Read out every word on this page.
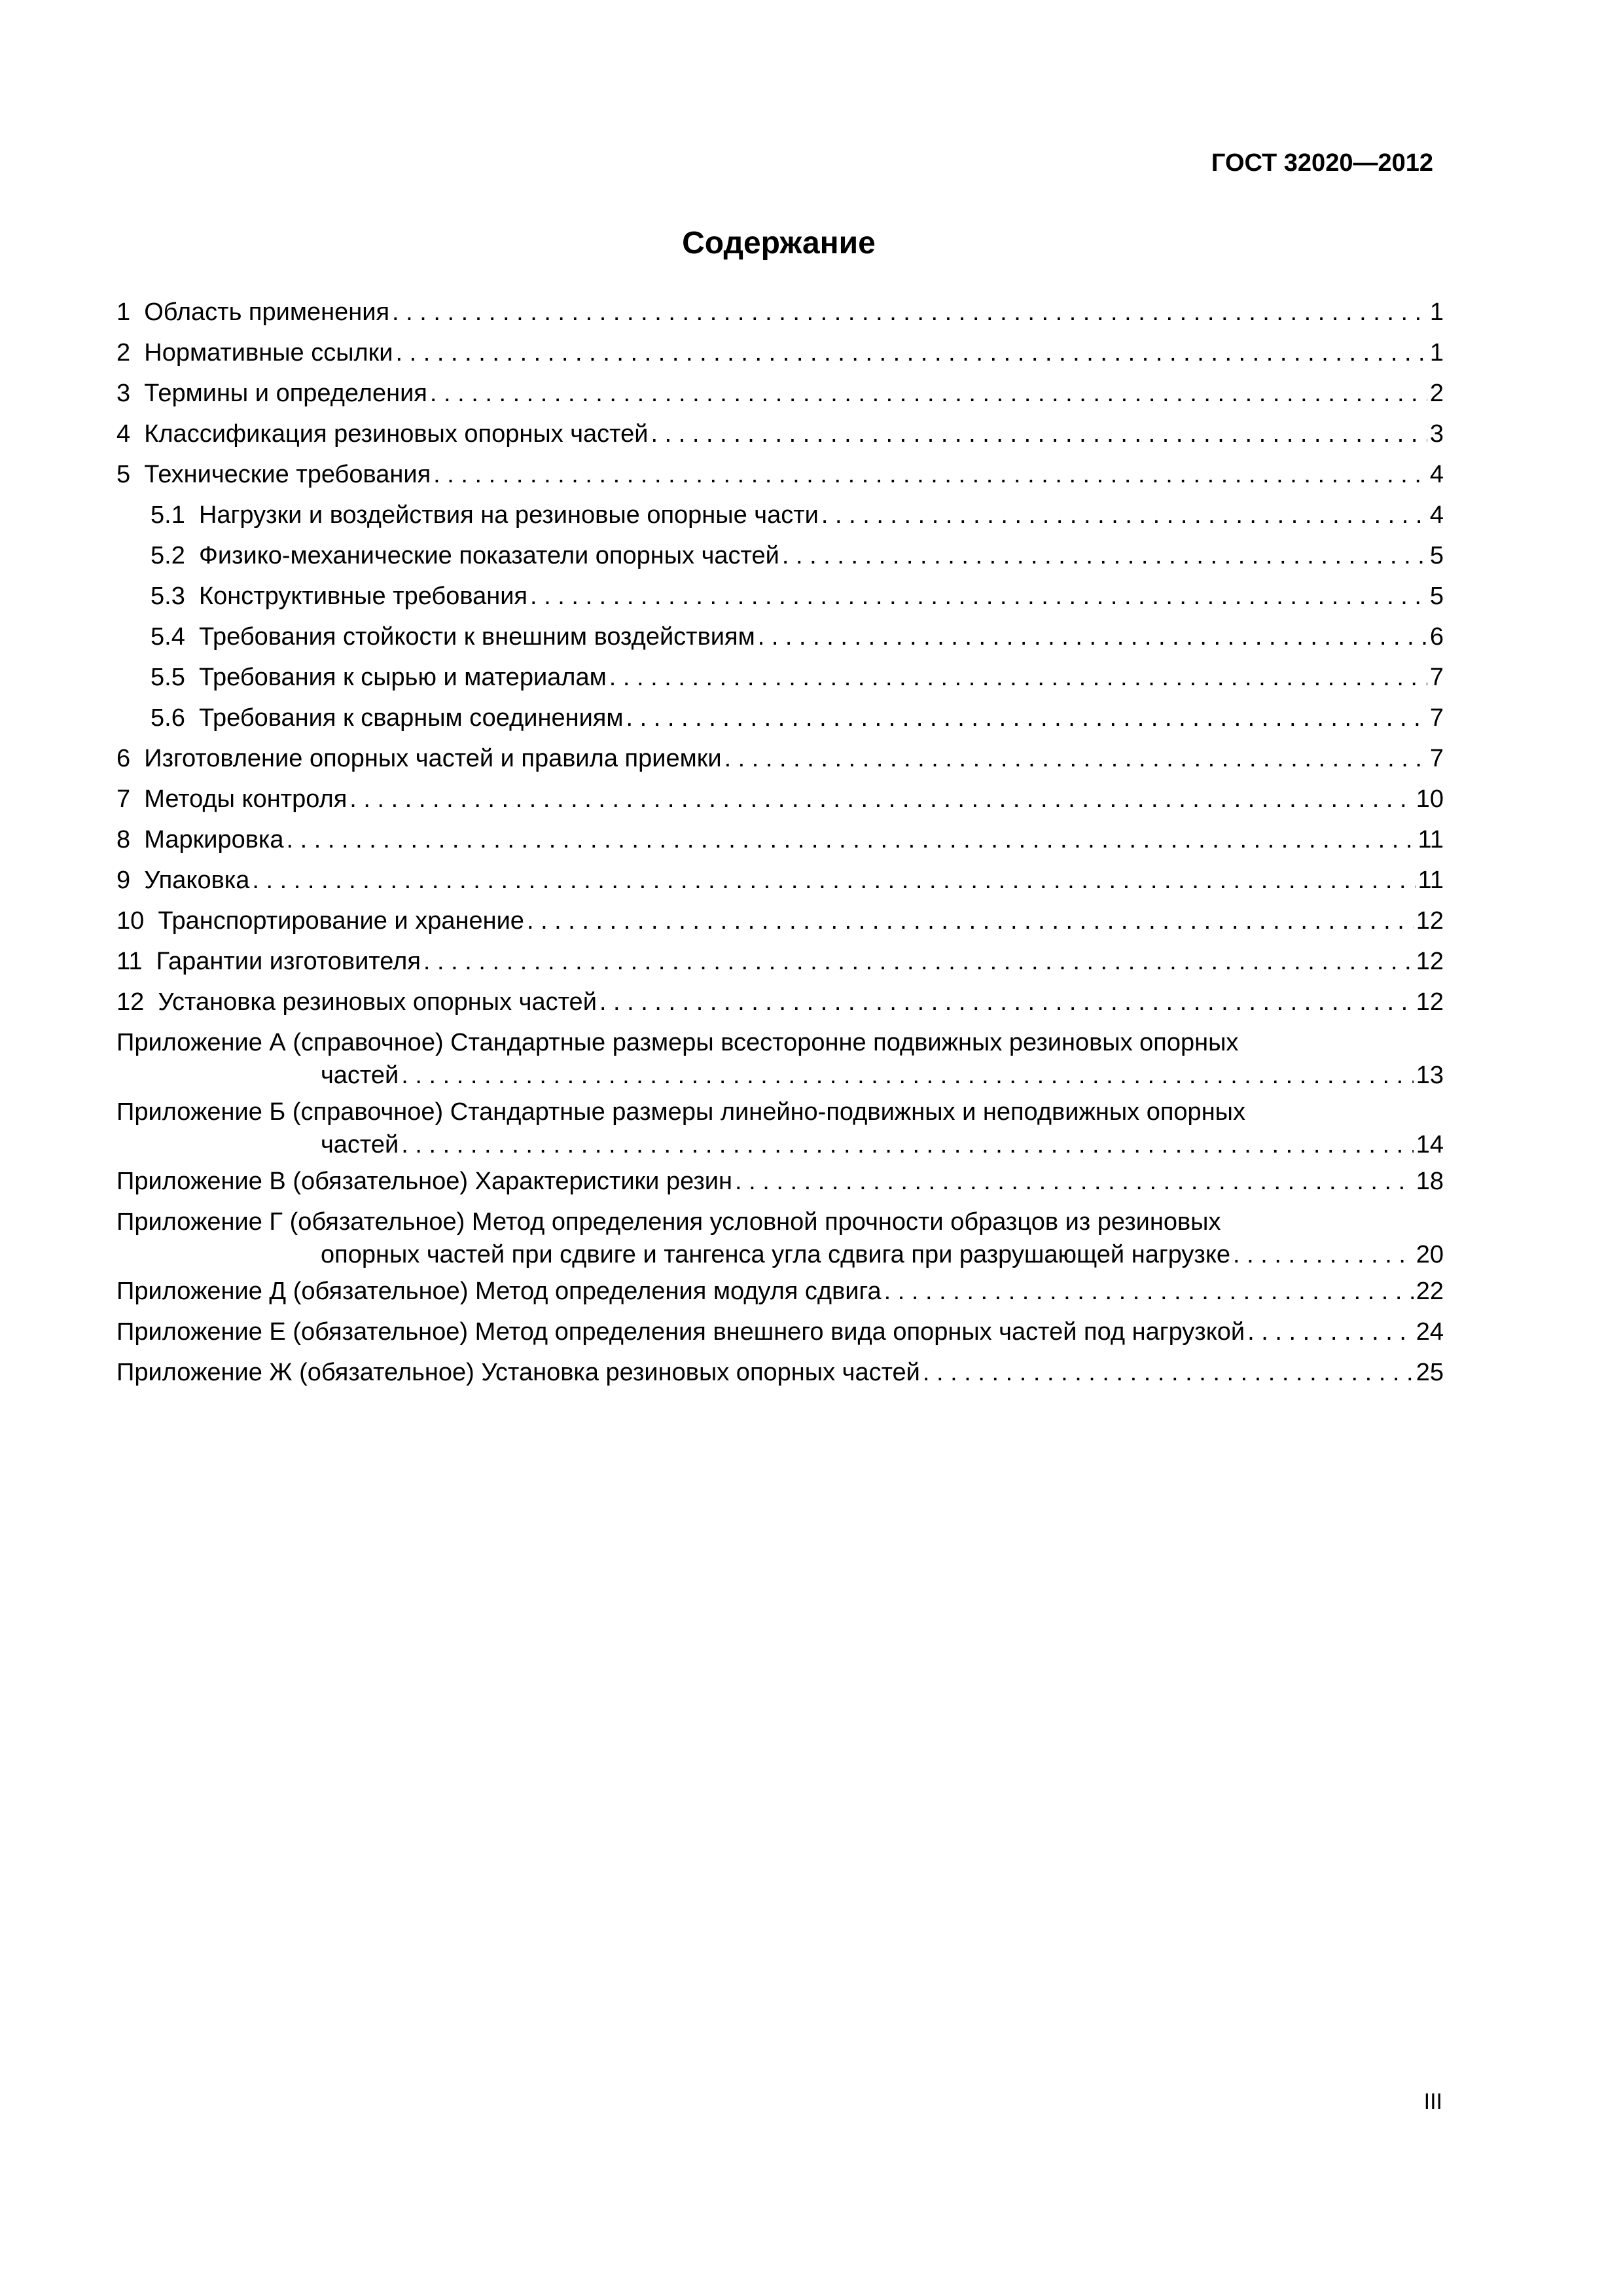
ГОСТ 32020—2012
Содержание
1 Область применения . . .	1
2 Нормативные ссылки . . .	1
3 Термины и определения . . .	2
4 Классификация резиновых опорных частей . . .	3
5 Технические требования . . .	4
5.1 Нагрузки и воздействия на резиновые опорные части . . .	4
5.2 Физико-механические показатели опорных частей . . .	5
5.3 Конструктивные требования . . .	5
5.4 Требования стойкости к внешним воздействиям . . .	6
5.5 Требования к сырью и материалам . . .	7
5.6 Требования к сварным соединениям . . .	7
6 Изготовление опорных частей и правила приемки . . .	7
7 Методы контроля . . .	10
8 Маркировка . . .	11
9 Упаковка . . .	11
10 Транспортирование и хранение . . .	12
11 Гарантии изготовителя . . .	12
12 Установка резиновых опорных частей . . .	12
Приложение А (справочное) Стандартные размеры всесторонне подвижных резиновых опорных
частей . . .	13
Приложение Б (справочное) Стандартные размеры линейно-подвижных и неподвижных опорных
частей . . .	14
Приложение В (обязательное) Характеристики резин . . .	18
Приложение Г (обязательное) Метод определения условной прочности образцов из резиновых
опорных частей при сдвиге и тангенса угла сдвига при разрушающей нагрузке . . .	20
Приложение Д (обязательное) Метод определения модуля сдвига . . .	22
Приложение Е (обязательное) Метод определения внешнего вида опорных частей под нагрузкой . . .	24
Приложение Ж (обязательное) Установка резиновых опорных частей . . .	25
III
